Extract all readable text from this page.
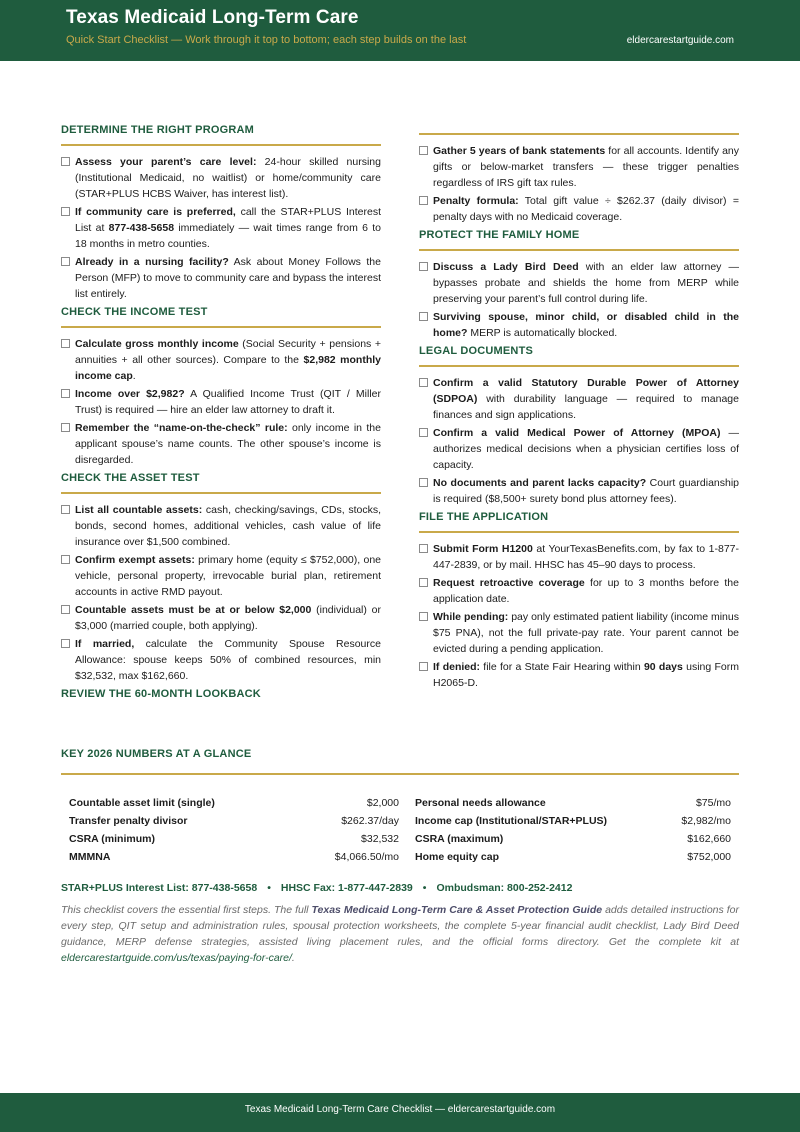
Texas Medicaid Long-Term Care
Quick Start Checklist — Work through it top to bottom; each step builds on the last	eldercarestartguide.com
DETERMINE THE RIGHT PROGRAM
Assess your parent’s care level: 24-hour skilled nursing (Institutional Medicaid, no waitlist) or home/community care (STAR+PLUS HCBS Waiver, has interest list).
If community care is preferred, call the STAR+PLUS Interest List at 877-438-5658 immediately — wait times range from 6 to 18 months in metro counties.
Already in a nursing facility? Ask about Money Follows the Person (MFP) to move to community care and bypass the interest list entirely.
CHECK THE INCOME TEST
Calculate gross monthly income (Social Security + pensions + annuities + all other sources). Compare to the $2,982 monthly income cap.
Income over $2,982? A Qualified Income Trust (QIT / Miller Trust) is required — hire an elder law attorney to draft it.
Remember the “name-on-the-check” rule: only income in the applicant spouse’s name counts. The other spouse’s income is disregarded.
CHECK THE ASSET TEST
List all countable assets: cash, checking/savings, CDs, stocks, bonds, second homes, additional vehicles, cash value of life insurance over $1,500 combined.
Confirm exempt assets: primary home (equity ≤ $752,000), one vehicle, personal property, irrevocable burial plan, retirement accounts in active RMD payout.
Countable assets must be at or below $2,000 (individual) or $3,000 (married couple, both applying).
If married, calculate the Community Spouse Resource Allowance: spouse keeps 50% of combined resources, min $32,532, max $162,660.
REVIEW THE 60-MONTH LOOKBACK
Gather 5 years of bank statements for all accounts. Identify any gifts or below-market transfers — these trigger penalties regardless of IRS gift tax rules.
Penalty formula: Total gift value ÷ $262.37 (daily divisor) = penalty days with no Medicaid coverage.
PROTECT THE FAMILY HOME
Discuss a Lady Bird Deed with an elder law attorney — bypasses probate and shields the home from MERP while preserving your parent’s full control during life.
Surviving spouse, minor child, or disabled child in the home? MERP is automatically blocked.
LEGAL DOCUMENTS
Confirm a valid Statutory Durable Power of Attorney (SDPOA) with durability language — required to manage finances and sign applications.
Confirm a valid Medical Power of Attorney (MPOA) — authorizes medical decisions when a physician certifies loss of capacity.
No documents and parent lacks capacity? Court guardianship is required ($8,500+ surety bond plus attorney fees).
FILE THE APPLICATION
Submit Form H1200 at YourTexasBenefits.com, by fax to 1-877-447-2839, or by mail. HHSC has 45–90 days to process.
Request retroactive coverage for up to 3 months before the application date.
While pending: pay only estimated patient liability (income minus $75 PNA), not the full private-pay rate. Your parent cannot be evicted during a pending application.
If denied: file for a State Fair Hearing within 90 days using Form H2065-D.
KEY 2026 NUMBERS AT A GLANCE
Countable asset limit (single)	$2,000 Personal needs allowance	$75/mo
Transfer penalty divisor	$262.37/day Income cap (Institutional/STAR+PLUS)	$2,982/mo
CSRA (minimum)	$32,532 CSRA (maximum)	$162,660
MMMNA	$4,066.50/mo Home equity cap	$752,000
STAR+PLUS Interest List: 877-438-5658 • HHSC Fax: 1-877-447-2839 • Ombudsman: 800-252-2412
This checklist covers the essential first steps. The full Texas Medicaid Long-Term Care & Asset Protection Guide adds detailed instructions for every step, QIT setup and administration rules, spousal protection worksheets, the complete 5-year financial audit checklist, Lady Bird Deed guidance, MERP defense strategies, assisted living placement rules, and the official forms directory. Get the complete kit at eldercarestartguide.com/us/texas/paying-for-care/.
Texas Medicaid Long-Term Care Checklist — eldercarestartguide.com
